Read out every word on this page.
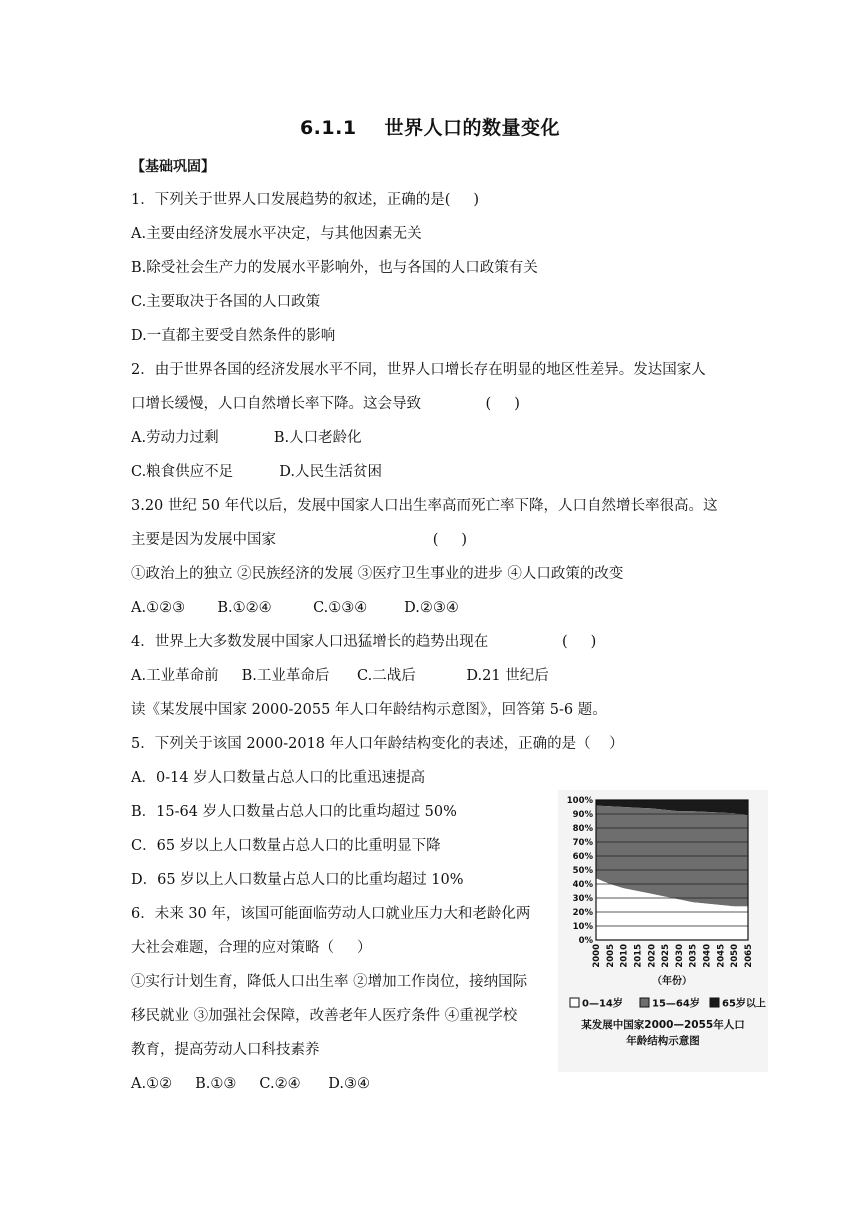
6.1.1 世界人口的数量变化
【基础巩固】
1．下列关于世界人口发展趋势的叙述，正确的是(     )
A.主要由经济发展水平决定，与其他因素无关
B.除受社会生产力的发展水平影响外，也与各国的人口政策有关
C.主要取决于各国的人口政策
D.一直都主要受自然条件的影响
2．由于世界各国的经济发展水平不同，世界人口增长存在明显的地区性差异。发达国家人
口增长缓慢，人口自然增长率下降。这会导致              (     )
A.劳动力过剩            B.人口老龄化
C.粮食供应不足          D.人民生活贫困
3.20 世纪 50 年代以后，发展中国家人口出生率高而死亡率下降，人口自然增长率很高。这
主要是因为发展中国家                                  (     )
①政治上的独立 ②民族经济的发展 ③医疗卫生事业的进步 ④人口政策的改变
A.①②③       B.①②④         C.①③④        D.②③④
4．世界上大多数发展中国家人口迅猛增长的趋势出现在                (     )
A.工业革命前     B.工业革命后      C.二战后           D.21 世纪后
读《某发展中国家 2000-2055 年人口年龄结构示意图》，回答第 5-6 题。
5．下列关于该国 2000-2018 年人口年龄结构变化的表述，正确的是（    ）
A．0-14 岁人口数量占总人口的比重迅速提高
B．15-64 岁人口数量占总人口的比重均超过 50%
C．65 岁以上人口数量占总人口的比重明显下降
D．65 岁以上人口数量占总人口的比重均超过 10%
6．未来 30 年，该国可能面临劳动人口就业压力大和老龄化两
大社会难题，合理的应对策略（     ）
①实行计划生育，降低人口出生率 ②增加工作岗位，接纳国际
移民就业 ③加强社会保障，改善老年人医疗条件 ④重视学校
教育，提高劳动人口科技素养
A.①②     B.①③     C.②④      D.③④
0%
10%
20%
30%
40%
50%
60%
70%
80%
90%
100%
2000 2005 2010 2015 2020 2025 2030 2035 2040 2045 2050 2065
（年份）
0—14岁	15—64岁 65岁以上
某发展中国家2000—2055年人口
年龄结构示意图
